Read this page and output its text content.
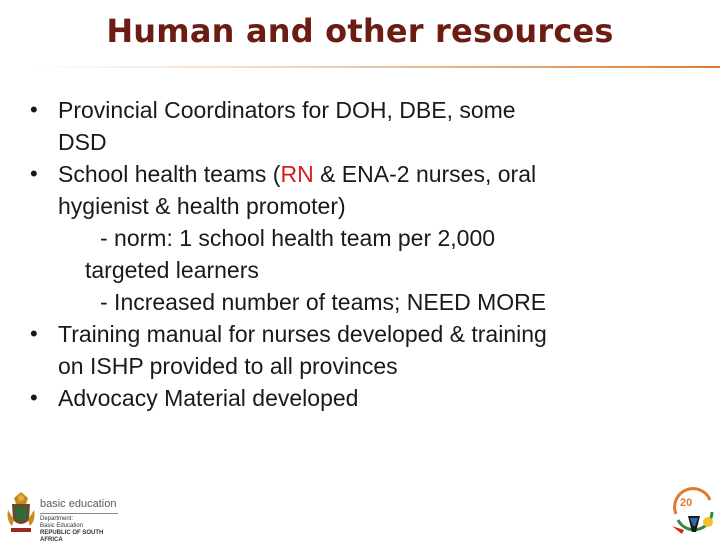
Human and other resources
• Provincial Coordinators for DOH, DBE, some
DSD
• School health teams (RN & ENA-2 nurses, oral
hygienist & health promoter)
- norm: 1 school health team per 2,000
targeted learners
- Increased number of teams; NEED MORE
• Training manual for nurses developed & training
on ISHP provided to all provinces
• Advocacy Material developed
basic education
Department:
Basic Education
REPUBLIC OF SOUTH AFRICA
20
